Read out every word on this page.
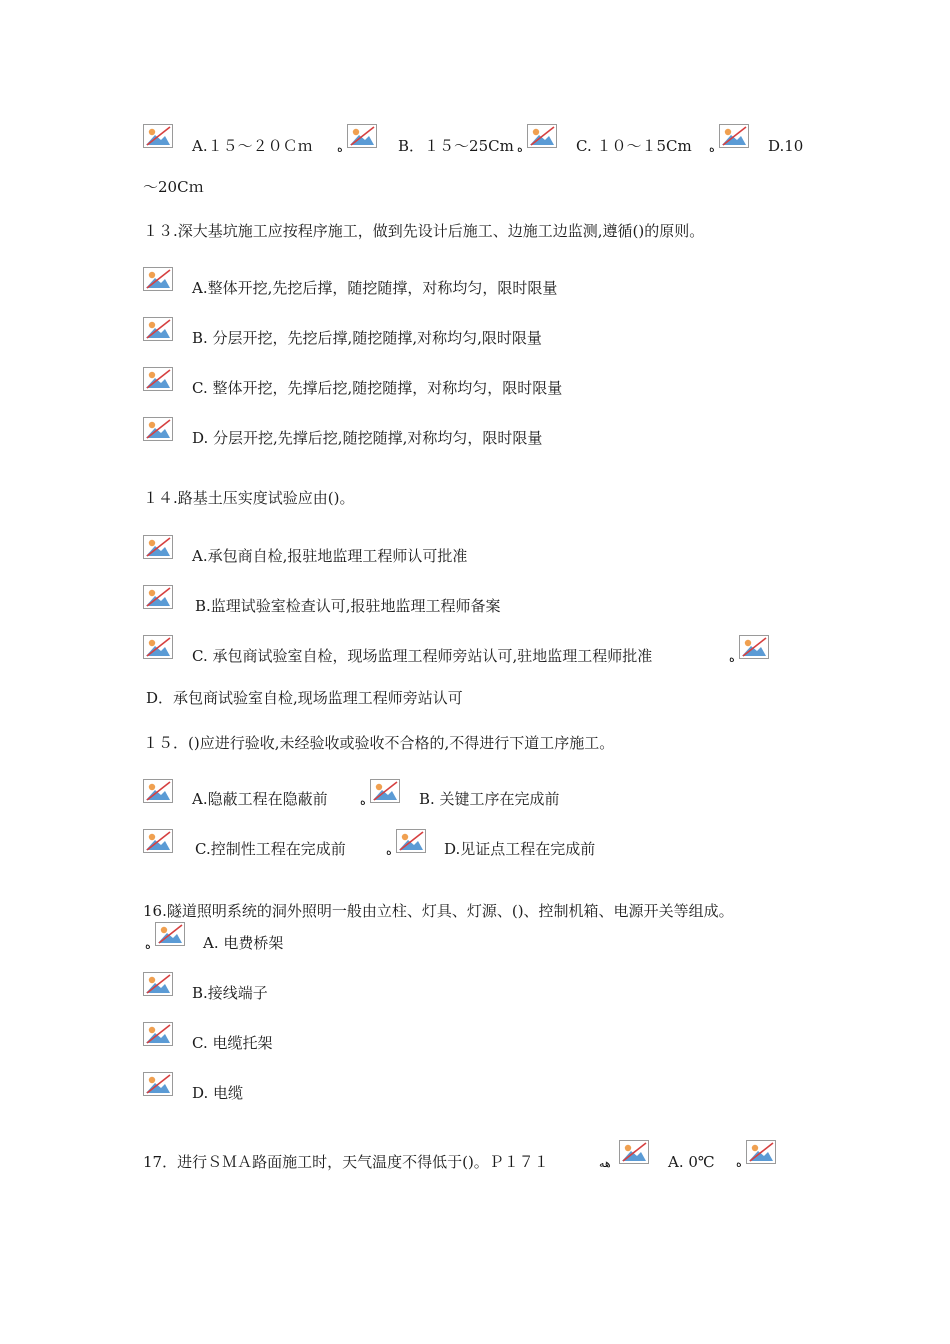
A.１５～２０Ｃｍ ه	B．１５～25Cm ه	C. １０～１5Cm ه	D.10
～20Cｍ
１３.深大基坑施工应按程序施工，做到先设计后施工、边施工边监测,遵循()的原则。
A.整体开挖,先挖后撑，随挖随撑，对称均匀，限时限量
B. 分层开挖，先挖后撑,随挖随撑,对称均匀,限时限量
C. 整体开挖，先撑后挖,随挖随撑，对称均匀，限时限量
D. 分层开挖,先撑后挖,随挖随撑,对称均匀，限时限量
１４.路基土压实度试验应由()。
A.承包商自检,报驻地监理工程师认可批准
B.监理试验室检查认可,报驻地监理工程师备案
C. 承包商试验室自检，现场监理工程师旁站认可,驻地监理工程师批准	ه
D．承包商试验室自检,现场监理工程师旁站认可
１５．()应进行验收,未经验收或验收不合格的,不得进行下道工序施工。
A.隐蔽工程在隐蔽前	ه	B. 关键工序在完成前
C.控制性工程在完成前	ه	D.见证点工程在完成前
16.隧道照明系统的洞外照明一般由立柱、灯具、灯源、()、控制机箱、电源开关等组成。
ه	A. 电费桥架
B.接线端子
C. 电缆托架
D. 电缆
17．进行ＳＭＡ路面施工时，天气温度不得低于()。Ｐ１７１	هه	A. 0℃ ه
